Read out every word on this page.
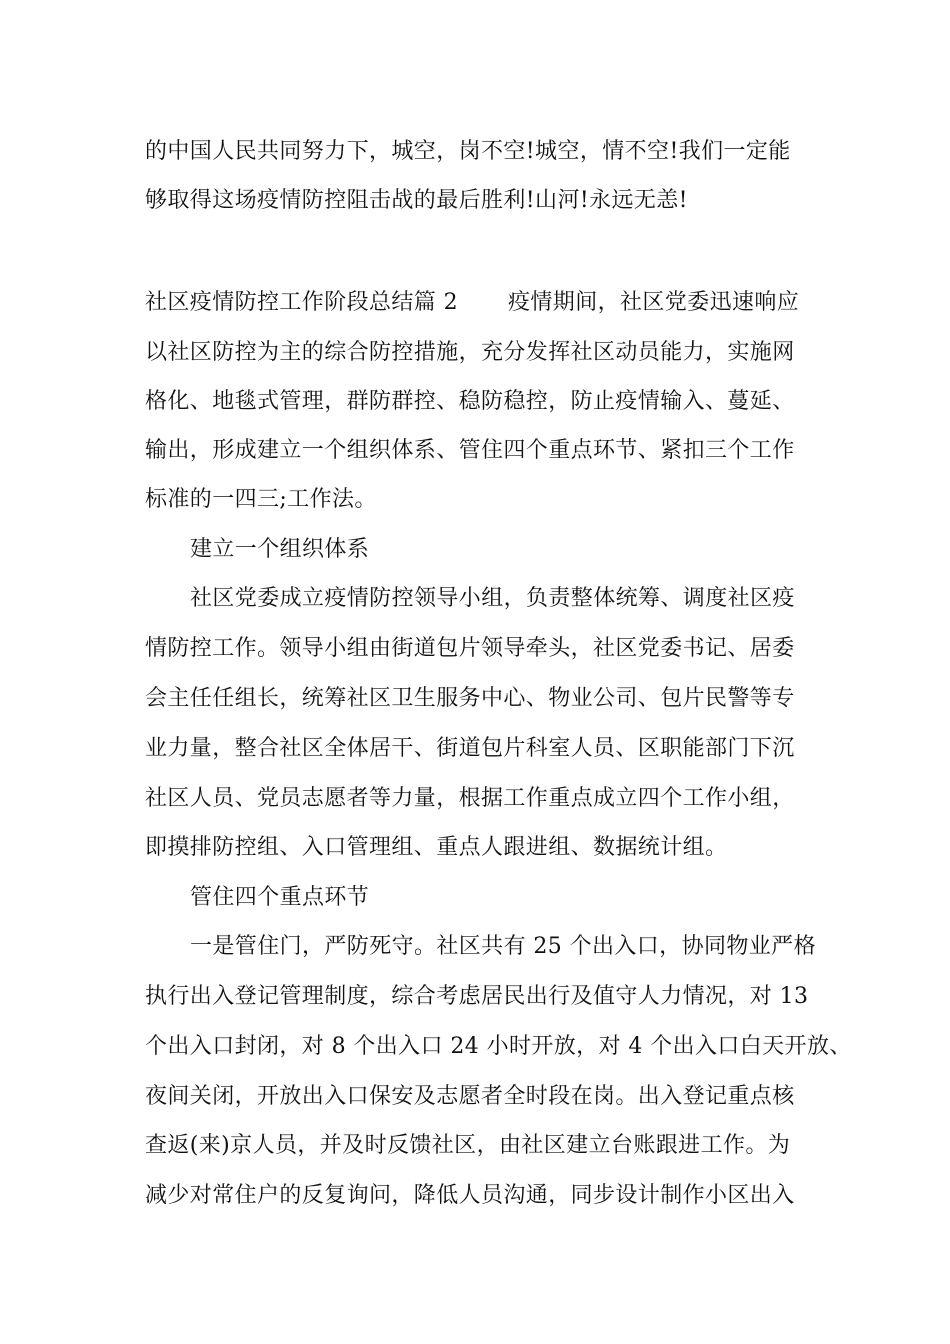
的中国人民共同努力下，城空，岗不空!城空，情不空!我们一定能
够取得这场疫情防控阻击战的最后胜利!山河!永远无恙!
社区疫情防控工作阶段总结篇 2 疫情期间，社区党委迅速响应
以社区防控为主的综合防控措施，充分发挥社区动员能力，实施网
格化、地毯式管理，群防群控、稳防稳控，防止疫情输入、蔓延、
输出，形成建立一个组织体系、管住四个重点环节、紧扣三个工作
标准的一四三;工作法。
建立一个组织体系
社区党委成立疫情防控领导小组，负责整体统筹、调度社区疫
情防控工作。领导小组由街道包片领导牵头，社区党委书记、居委
会主任任组长，统筹社区卫生服务中心、物业公司、包片民警等专
业力量，整合社区全体居干、街道包片科室人员、区职能部门下沉
社区人员、党员志愿者等力量，根据工作重点成立四个工作小组，
即摸排防控组、入口管理组、重点人跟进组、数据统计组。
管住四个重点环节
一是管住门，严防死守。社区共有 25 个出入口，协同物业严格
执行出入登记管理制度，综合考虑居民出行及值守人力情况，对 13
个出入口封闭，对 8 个出入口 24 小时开放，对 4 个出入口白天开放、
夜间关闭，开放出入口保安及志愿者全时段在岗。出入登记重点核
查返(来)京人员，并及时反馈社区，由社区建立台账跟进工作。为
减少对常住户的反复询问，降低人员沟通，同步设计制作小区出入
